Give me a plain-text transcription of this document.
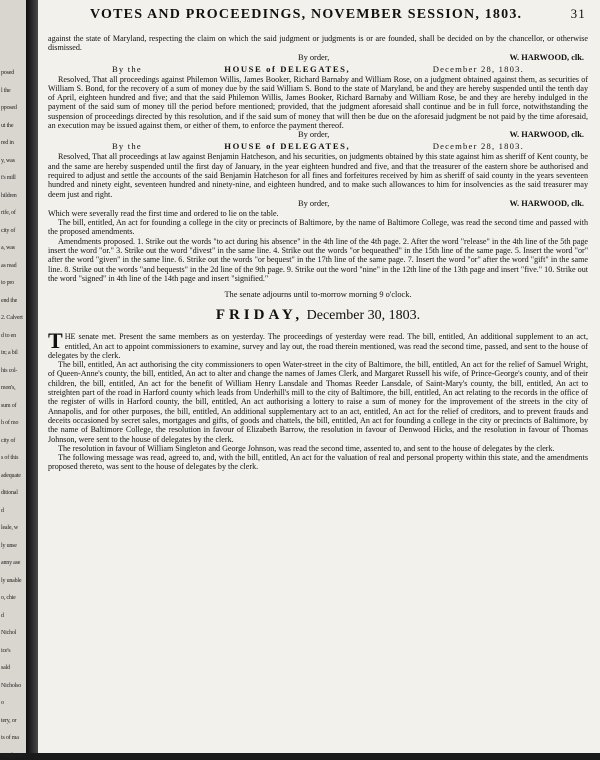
posed
l the
pposed
ut the
red in
y, was
t's mill
hildren
rife, of
city of
a, was
as read
to pro
end the
2. Calvert
d to en
in; a bil
his col-
mon's,
sum of
h of mo
city of
s of this
adequate
ditional
d
leale, w
ly unse
anny ase
ly unable
o, chie
d
Nichol
ice's
sald
Nicholso
o
tery, or
ts of ma
Singleton
VOTES AND PROCEEDINGS, NOVEMBER SESSION, 1803.	31

against the state of Maryland, respecting the claim on which the said judgment or judgments is or are founded, shall be decided on by the chancellor, or otherwise dismissed.

By order,	W. HARWOOD, clk.
By the	HOUSE of DELEGATES,	December 28, 1803.

Resolved, That all proceedings against Philemon Willis, James Booker, Richard Barnaby and William Rose, on a judgment obtained against them, as securities of William S. Bond, for the recovery of a sum of money due by the said William S. Bond to the state of Maryland, be and they are hereby suspended until the tenth day of April, eighteen hundred and five; and that the said Philemon Willis, James Booker, Richard Barnaby and William Rose, be and they are hereby indulged in the payment of the said sum of money till the period before mentioned; provided, that the judgment aforesaid shall continue and be in full force, notwithstanding the suspension of proceedings directed by this resolution, and if the said sum of money that will then be due on the aforesaid judgment be not paid by the time aforesaid, an execution may be issued against them, or either of them, to enforce the payment thereof.

By order,	W. HARWOOD, clk.
By the	HOUSE of DELEGATES,	December 28, 1803.

Resolved, That all proceedings at law against Benjamin Hatcheson, and his securities, on judgments obtained by this state against him as sheriff of Kent county, be and the same are hereby suspended until the first day of January, in the year eighteen hundred and five, and that the treasurer of the eastern shore be authorised and required to adjust and settle the accounts of the said Benjamin Hatcheson for all fines and forfeitures received by him as sheriff of said county in the years seventeen hundred and ninety eight, seventeen hundred and ninety-nine, and eighteen hundred, and to make such allowances to him for insolvencies as the said treasurer may deem just and right.

By order,	W. HARWOOD, clk.

Which were severally read the first time and ordered to lie on the table.

The bill, entitled, An act for founding a college in the city or precincts of Baltimore, by the name of Baltimore College, was read the second time and passed with the proposed amendments.

Amendments proposed. 1. Strike out the words "to act during his absence" in the 4th line of the 4th page. 2. After the word "release" in the 4th line of the 5th page insert the word "or." 3. Strike out the word "divest" in the same line. 4. Strike out the words "or bequeathed" in the 15th line of the same page. 5. Insert the word "or" after the word "given" in the same line. 6. Strike out the words "or bequest" in the 17th line of the same page. 7. Insert the word "or" after the word "gift" in the same line. 8. Strike out the words "and bequests" in the 2d line of the 9th page. 9. Strike out the word "nine" in the 12th line of the 13th page and insert "five." 10. Strike out the word "signed" in 4th line of the 14th page and insert "signified."

The senate adjourns until to-morrow morning 9 o'clock.
FRIDAY, December 30, 1803.

THE senate met. Present the same members as on yesterday. The proceedings of yesterday were read. The bill, entitled, An additional supplement to an act, entitled, An act to appoint commissioners to examine, survey and lay out, the road therein mentioned, was read the second time, passed, and sent to the house of delegates by the clerk.

The bill, entitled, An act authorising the city commissioners to open Water-street in the city of Baltimore, the bill, entitled, An act for the relief of Samuel Wright, of Queen-Anne's county, the bill, entitled, An act to alter and change the names of James Clerk, and Margaret Russell his wife, of Prince-George's county, and of their children, the bill, entitled, An act for the benefit of William Henry Lansdale and Thomas Reeder Lansdale, of Saint-Mary's county, the bill, entitled, An act to streighten part of the road in Harford county which leads from Underhill's mill to the city of Baltimore, the bill, entitled, An act relating to the records in the office of the register of wills in Harford county, the bill, entitled, An act authorising a lottery to raise a sum of money for the improvement of the streets in the city of Annapolis, and for other purposes, the bill, entitled, An additional supplementary act to an act, entitled, An act for the relief of creditors, and to prevent frauds and deceits occasioned by secret sales, mortgages and gifts, of goods and chattels, the bill, entitled, An act for founding a college in the city or precincts of Baltimore, by the name of Baltimore College, the resolution in favour of Elizabeth Barrow, the resolution in favour of Denwood Hicks, and the resolution in favour of Thomas Johnson, were sent to the house of delegates by the clerk.

The resolution in favour of William Singleton and George Johnson, was read the second time, assented to, and sent to the house of delegates by the clerk.

The following message was read, agreed to, and, with the bill, entitled, An act for the valuation of real and personal property within this state, and the amendments proposed thereto, was sent to the house of delegates by the clerk.
